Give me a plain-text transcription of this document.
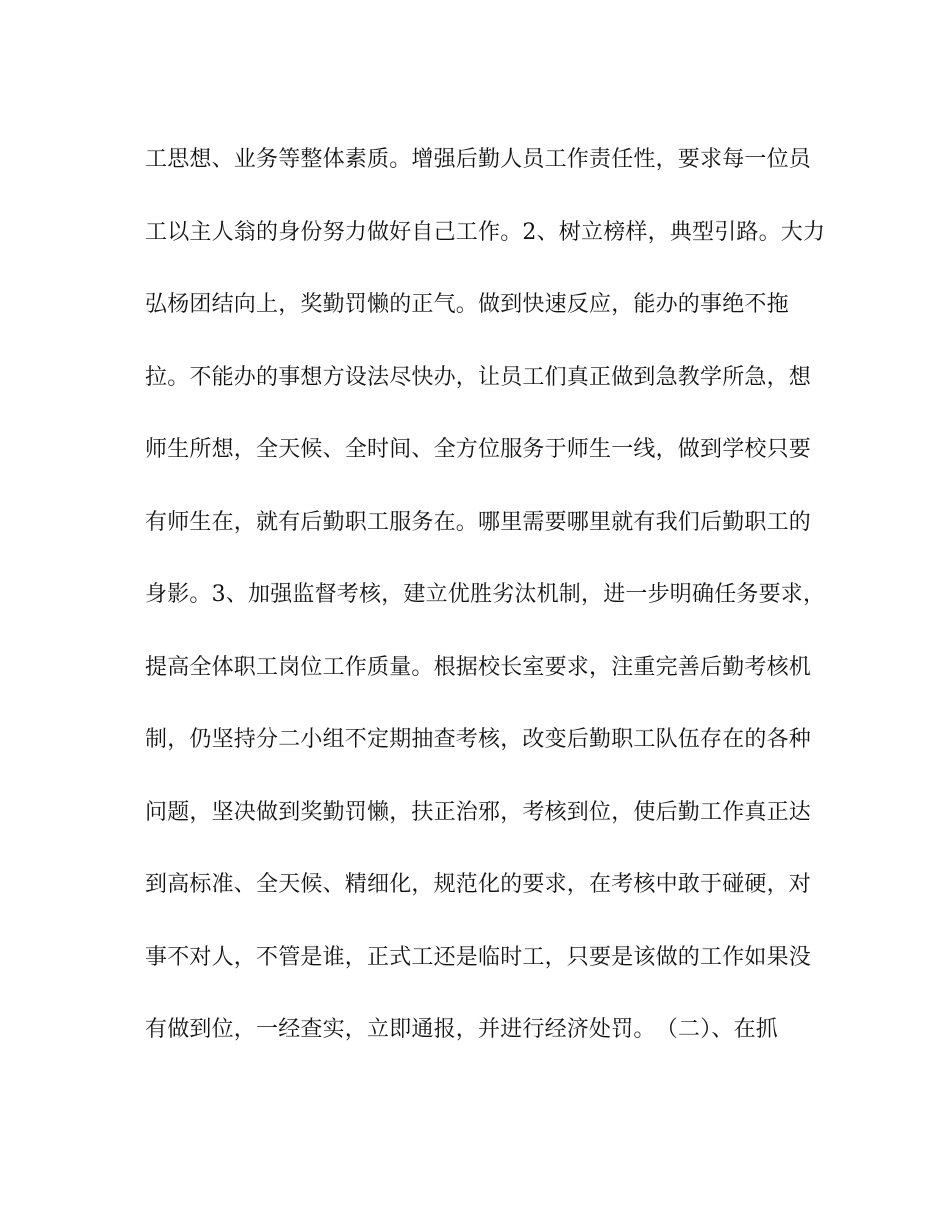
工思想、业务等整体素质。增强后勤人员工作责任性，要求每一位员
工以主人翁的身份努力做好自己工作。2、树立榜样，典型引路。大力
弘杨团结向上，奖勤罚懒的正气。做到快速反应，能办的事绝不拖
拉。不能办的事想方设法尽快办，让员工们真正做到急教学所急，想
师生所想，全天候、全时间、全方位服务于师生一线，做到学校只要
有师生在，就有后勤职工服务在。哪里需要哪里就有我们后勤职工的
身影。3、加强监督考核，建立优胜劣汰机制，进一步明确任务要求，
提高全体职工岗位工作质量。根据校长室要求，注重完善后勤考核机
制，仍坚持分二小组不定期抽查考核，改变后勤职工队伍存在的各种
问题，坚决做到奖勤罚懒，扶正治邪，考核到位，使后勤工作真正达
到高标准、全天候、精细化，规范化的要求，在考核中敢于碰硬，对
事不对人，不管是谁，正式工还是临时工，只要是该做的工作如果没
有做到位，一经查实，立即通报，并进行经济处罚。　（二）、在抓
